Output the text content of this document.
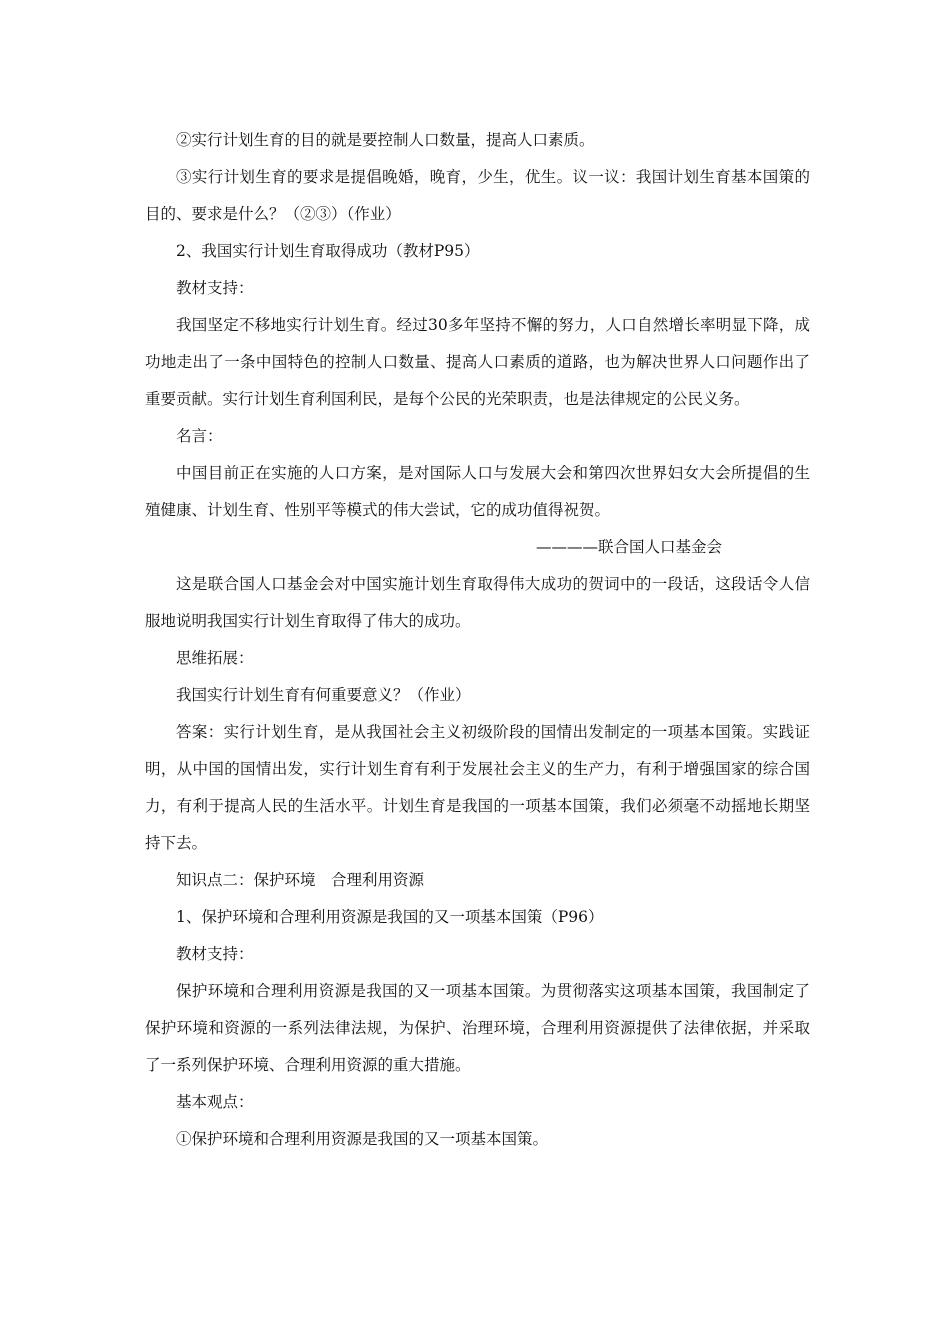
②实行计划生育的目的就是要控制人口数量，提高人口素质。

③实行计划生育的要求是提倡晚婚，晚育，少生，优生。议一议：我国计划生育基本国策的目的、要求是什么？（②③）（作业）

2、我国实行计划生育取得成功（教材P95）

教材支持：

我国坚定不移地实行计划生育。经过30多年坚持不懈的努力，人口自然增长率明显下降，成功地走出了一条中国特色的控制人口数量、提高人口素质的道路，也为解决世界人口问题作出了重要贡献。实行计划生育利国利民，是每个公民的光荣职责，也是法律规定的公民义务。

名言：

中国目前正在实施的人口方案，是对国际人口与发展大会和第四次世界妇女大会所提倡的生殖健康、计划生育、性别平等模式的伟大尝试，它的成功值得祝贺。

————联合国人口基金会

这是联合国人口基金会对中国实施计划生育取得伟大成功的贺词中的一段话，这段话令人信服地说明我国实行计划生育取得了伟大的成功。

思维拓展：

我国实行计划生育有何重要意义？（作业）

答案：实行计划生育，是从我国社会主义初级阶段的国情出发制定的一项基本国策。实践证明，从中国的国情出发，实行计划生育有利于发展社会主义的生产力，有利于增强国家的综合国力，有利于提高人民的生活水平。计划生育是我国的一项基本国策，我们必须毫不动摇地长期坚持下去。

知识点二：保护环境　合理利用资源

1、保护环境和合理利用资源是我国的又一项基本国策（P96）

教材支持：

保护环境和合理利用资源是我国的又一项基本国策。为贯彻落实这项基本国策，我国制定了保护环境和资源的一系列法律法规，为保护、治理环境，合理利用资源提供了法律依据，并采取了一系列保护环境、合理利用资源的重大措施。

基本观点：

①保护环境和合理利用资源是我国的又一项基本国策。
